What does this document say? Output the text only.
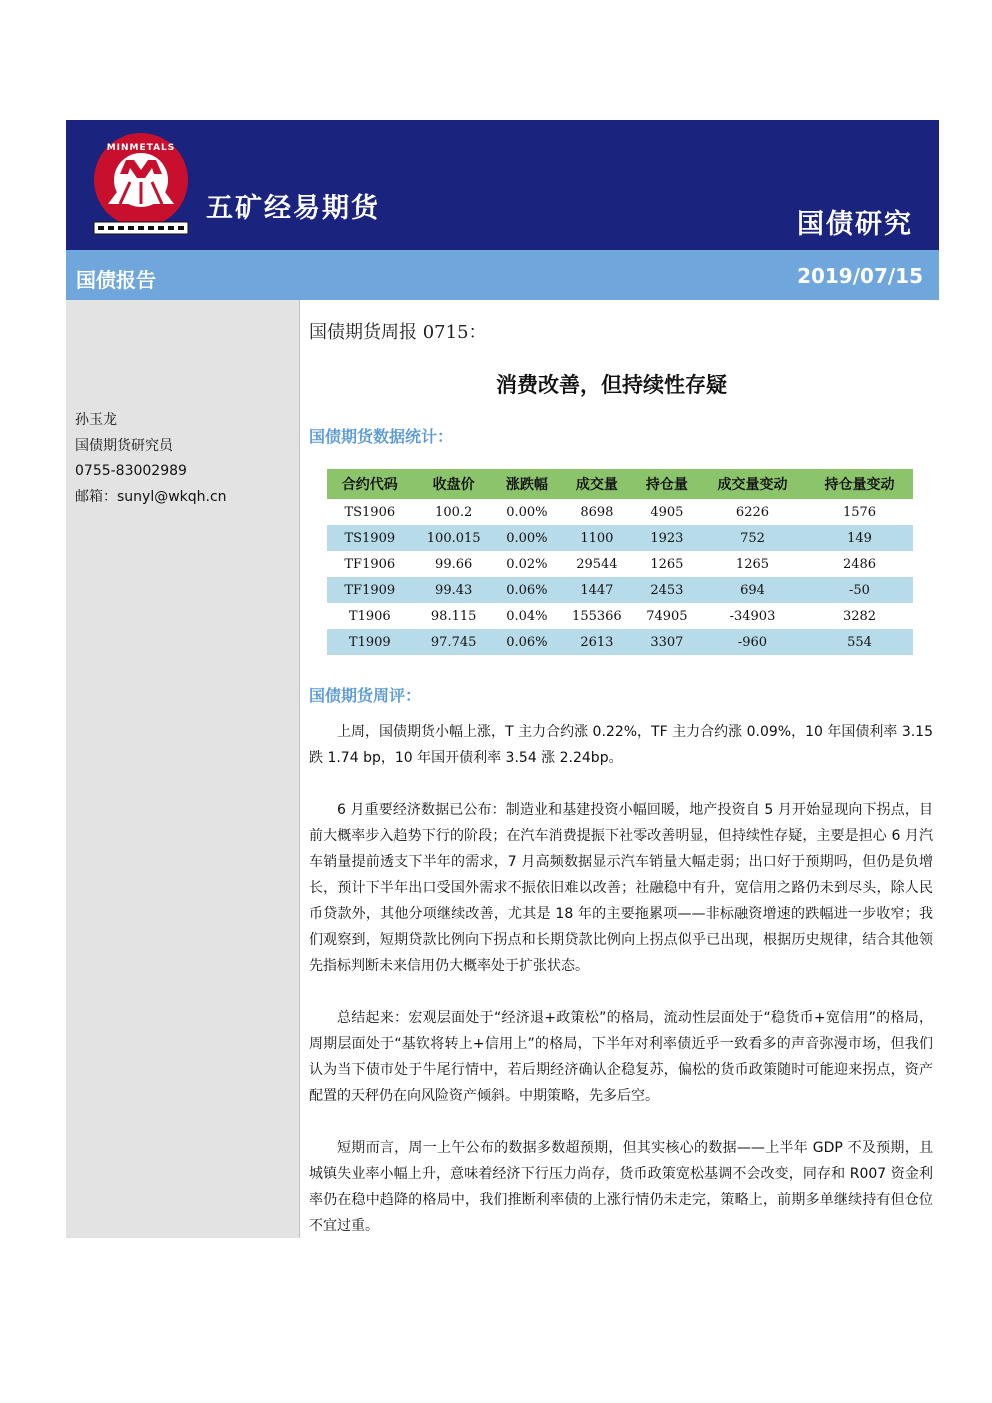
MINMETALS
五矿经易期货
国债研究
国债报告	2019/07/15
孙玉龙
国债期货研究员
0755-83002989
邮箱：sunyl@wkqh.cn
国债期货周报 0715：
消费改善，但持续性存疑
国债期货数据统计：
合约代码	收盘价	涨跌幅	成交量	持仓量	成交量变动	持仓量变动
TS1906	100.2	0.00%	8698	4905	6226	1576
TS1909	100.015	0.00%	1100	1923	752	149
TF1906	99.66	0.02%	29544	1265	1265	2486
TF1909	99.43	0.06%	1447	2453	694	-50
T1906	98.115	0.04%	155366	74905	-34903	3282
T1909	97.745	0.06%	2613	3307	-960	554
国债期货周评：

上周，国债期货小幅上涨，T 主力合约涨 0.22%，TF 主力合约涨 0.09%，10 年国债利率 3.15 跌 1.74 bp，10 年国开债利率 3.54 涨 2.24bp。

6 月重要经济数据已公布：制造业和基建投资小幅回暖，地产投资自 5 月开始显现向下拐点，目前大概率步入趋势下行的阶段；在汽车消费提振下社零改善明显，但持续性存疑，主要是担心 6 月汽车销量提前透支下半年的需求，7 月高频数据显示汽车销量大幅走弱；出口好于预期吗，但仍是负增长，预计下半年出口受国外需求不振依旧难以改善；社融稳中有升，宽信用之路仍未到尽头，除人民币贷款外，其他分项继续改善，尤其是 18 年的主要拖累项——非标融资增速的跌幅进一步收窄；我们观察到，短期贷款比例向下拐点和长期贷款比例向上拐点似乎已出现，根据历史规律，结合其他领先指标判断未来信用仍大概率处于扩张状态。

总结起来：宏观层面处于“经济退+政策松”的格局，流动性层面处于“稳货币+宽信用”的格局，周期层面处于“基钦将转上+信用上”的格局，下半年对利率债近乎一致看多的声音弥漫市场，但我们认为当下债市处于牛尾行情中，若后期经济确认企稳复苏，偏松的货币政策随时可能迎来拐点，资产配置的天秤仍在向风险资产倾斜。中期策略，先多后空。

短期而言，周一上午公布的数据多数超预期，但其实核心的数据——上半年 GDP 不及预期，且城镇失业率小幅上升，意味着经济下行压力尚存，货币政策宽松基调不会改变，同存和 R007 资金利率仍在稳中趋降的格局中，我们推断利率债的上涨行情仍未走完，策略上，前期多单继续持有但仓位不宜过重。
